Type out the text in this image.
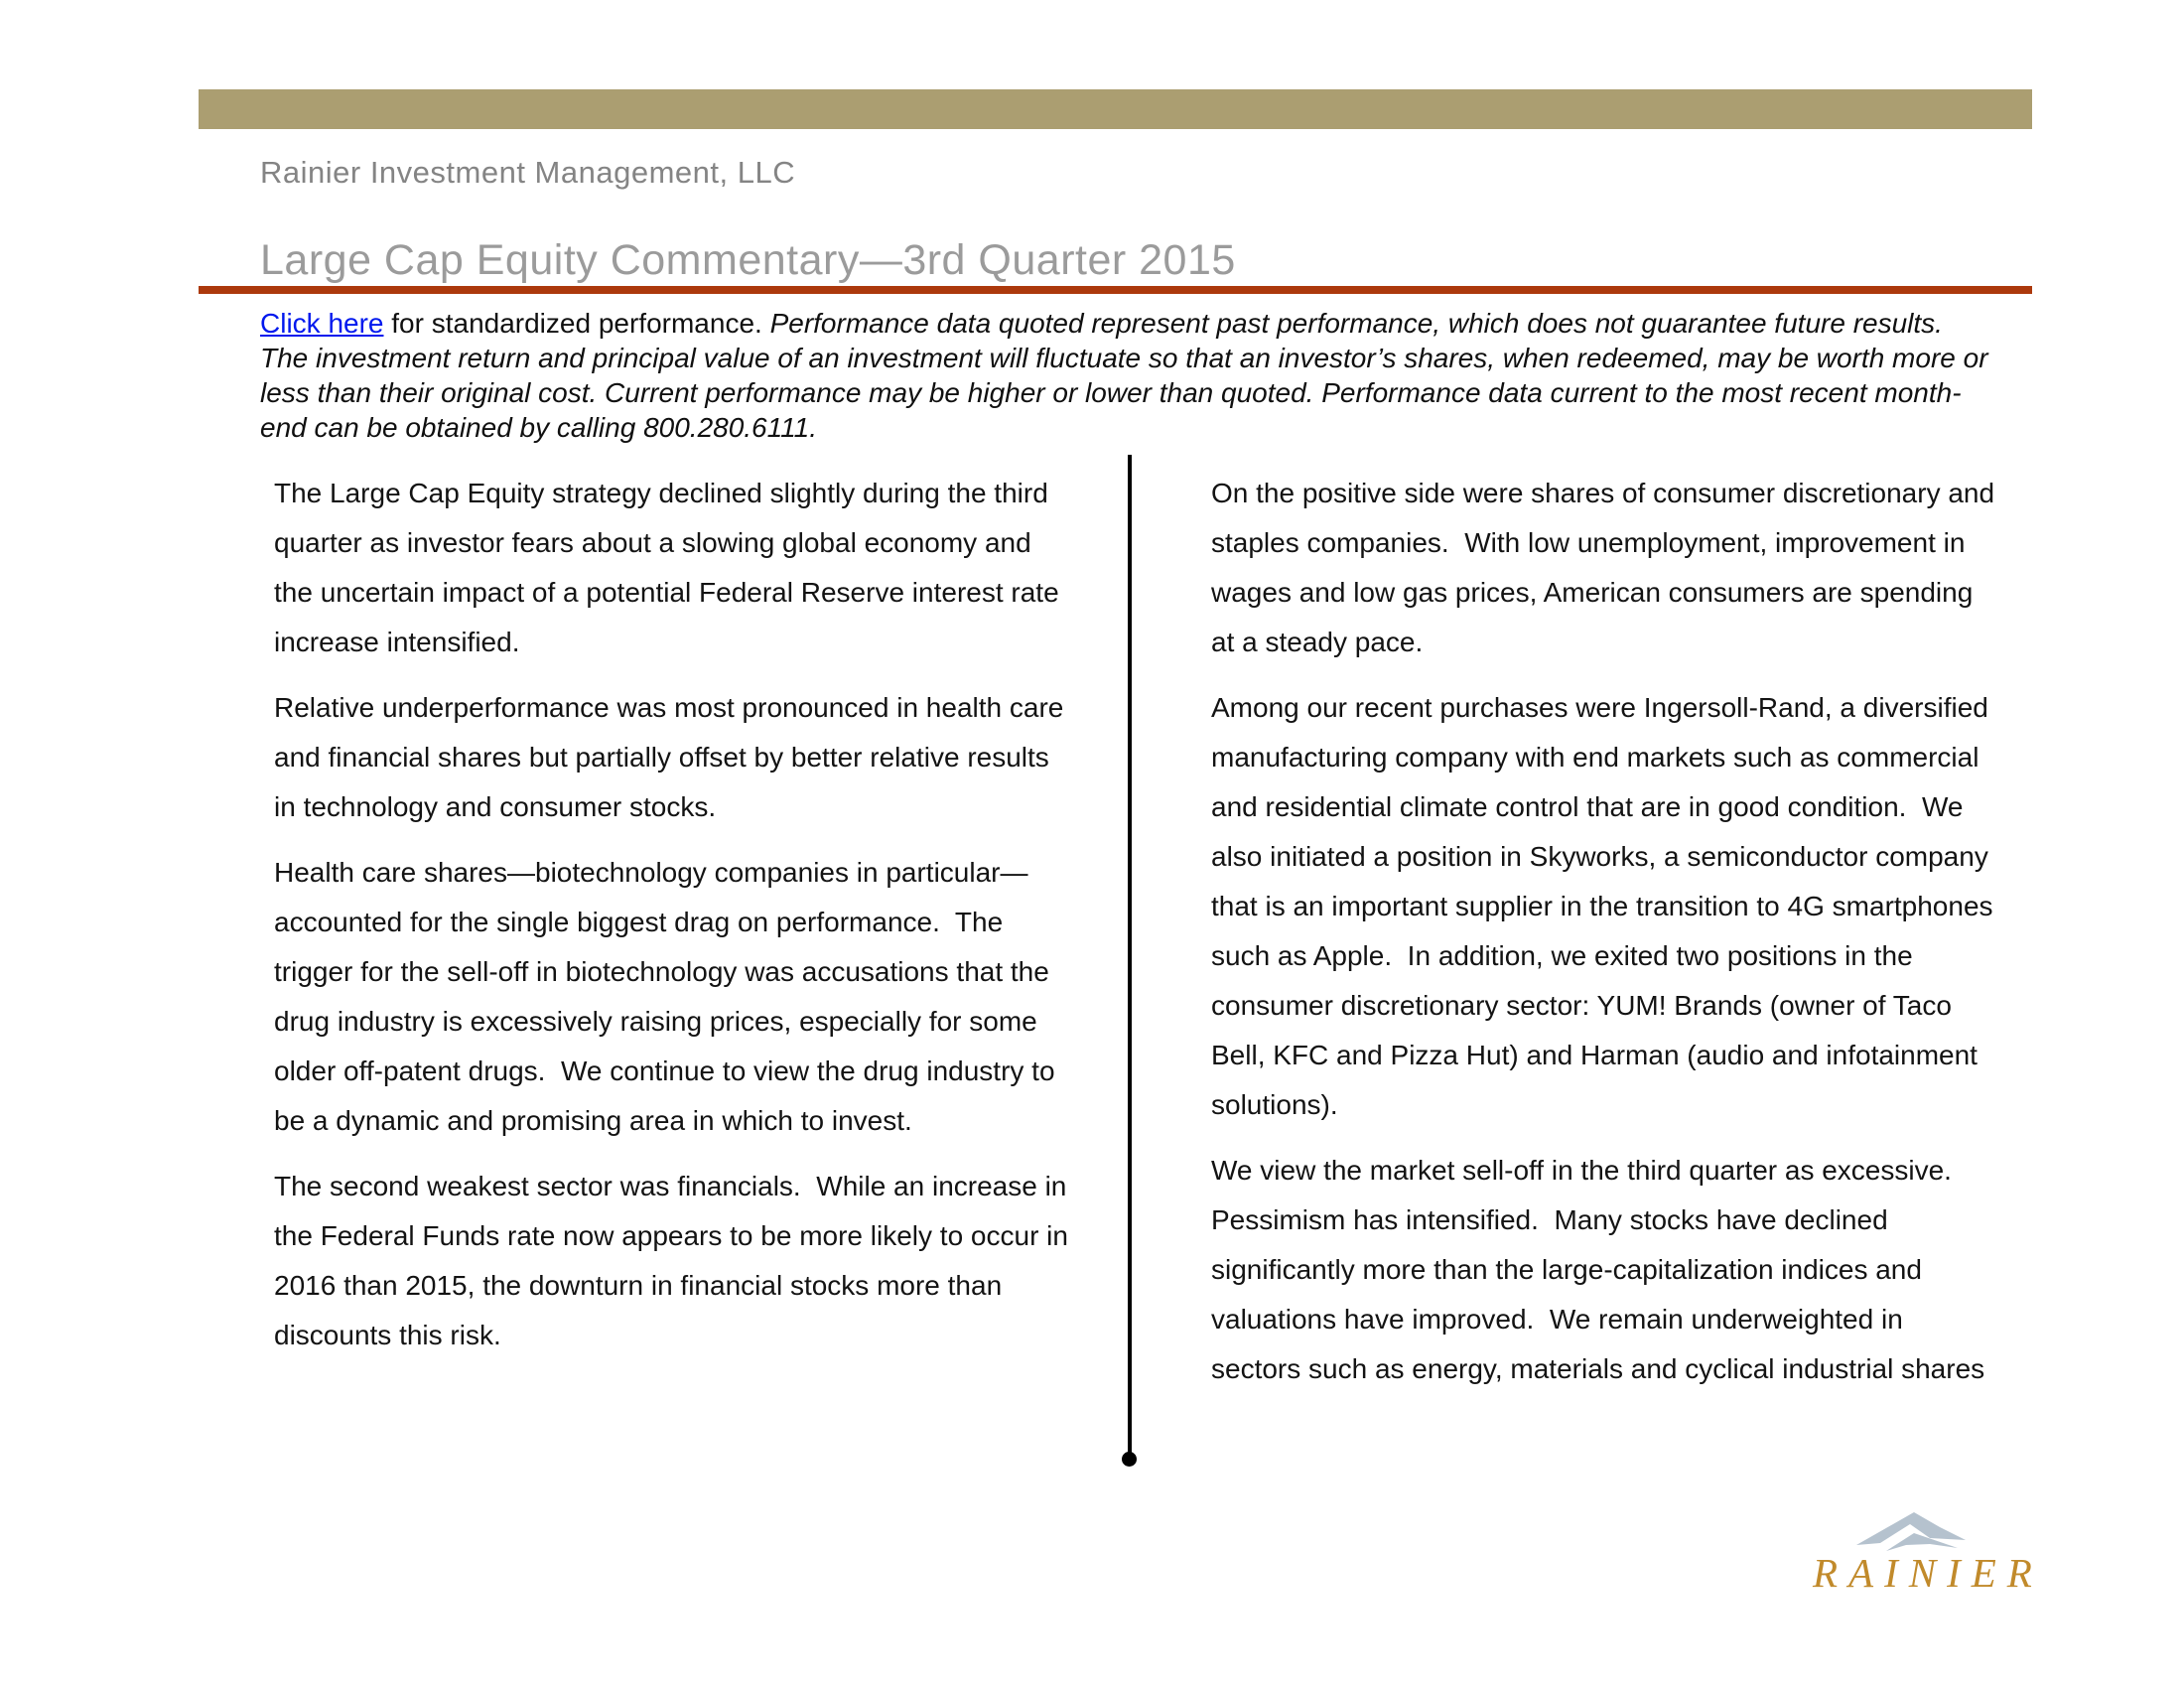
Rainier Investment Management, LLC
Large Cap Equity Commentary—3rd Quarter 2015

Click here for standardized performance. Performance data quoted represent past performance, which does not guarantee future results. The investment return and principal value of an investment will fluctuate so that an investor’s shares, when redeemed, may be worth more or less than their original cost. Current performance may be higher or lower than quoted. Performance data current to the most recent month-end can be obtained by calling 800.280.6111.

The Large Cap Equity strategy declined slightly during the third quarter as investor fears about a slowing global economy and the uncertain impact of a potential Federal Reserve interest rate increase intensified.

Relative underperformance was most pronounced in health care and financial shares but partially offset by better relative results in technology and consumer stocks.

Health care shares—biotechnology companies in particular—accounted for the single biggest drag on performance.  The trigger for the sell-off in biotechnology was accusations that the drug industry is excessively raising prices, especially for some older off-patent drugs.  We continue to view the drug industry to be a dynamic and promising area in which to invest.

The second weakest sector was financials.  While an increase in the Federal Funds rate now appears to be more likely to occur in 2016 than 2015, the downturn in financial stocks more than discounts this risk.

On the positive side were shares of consumer discretionary and staples companies.  With low unemployment, improvement in wages and low gas prices, American consumers are spending at a steady pace.

Among our recent purchases were Ingersoll-Rand, a diversified manufacturing company with end markets such as commercial and residential climate control that are in good condition.  We also initiated a position in Skyworks, a semiconductor company that is an important supplier in the transition to 4G smartphones such as Apple.  In addition, we exited two positions in the consumer discretionary sector: YUM! Brands (owner of Taco Bell, KFC and Pizza Hut) and Harman (audio and infotainment solutions).

We view the market sell-off in the third quarter as excessive.  Pessimism has intensified.  Many stocks have declined significantly more than the large-capitalization indices and valuations have improved.  We remain underweighted in sectors such as energy, materials and cyclical industrial shares

RAINIER
